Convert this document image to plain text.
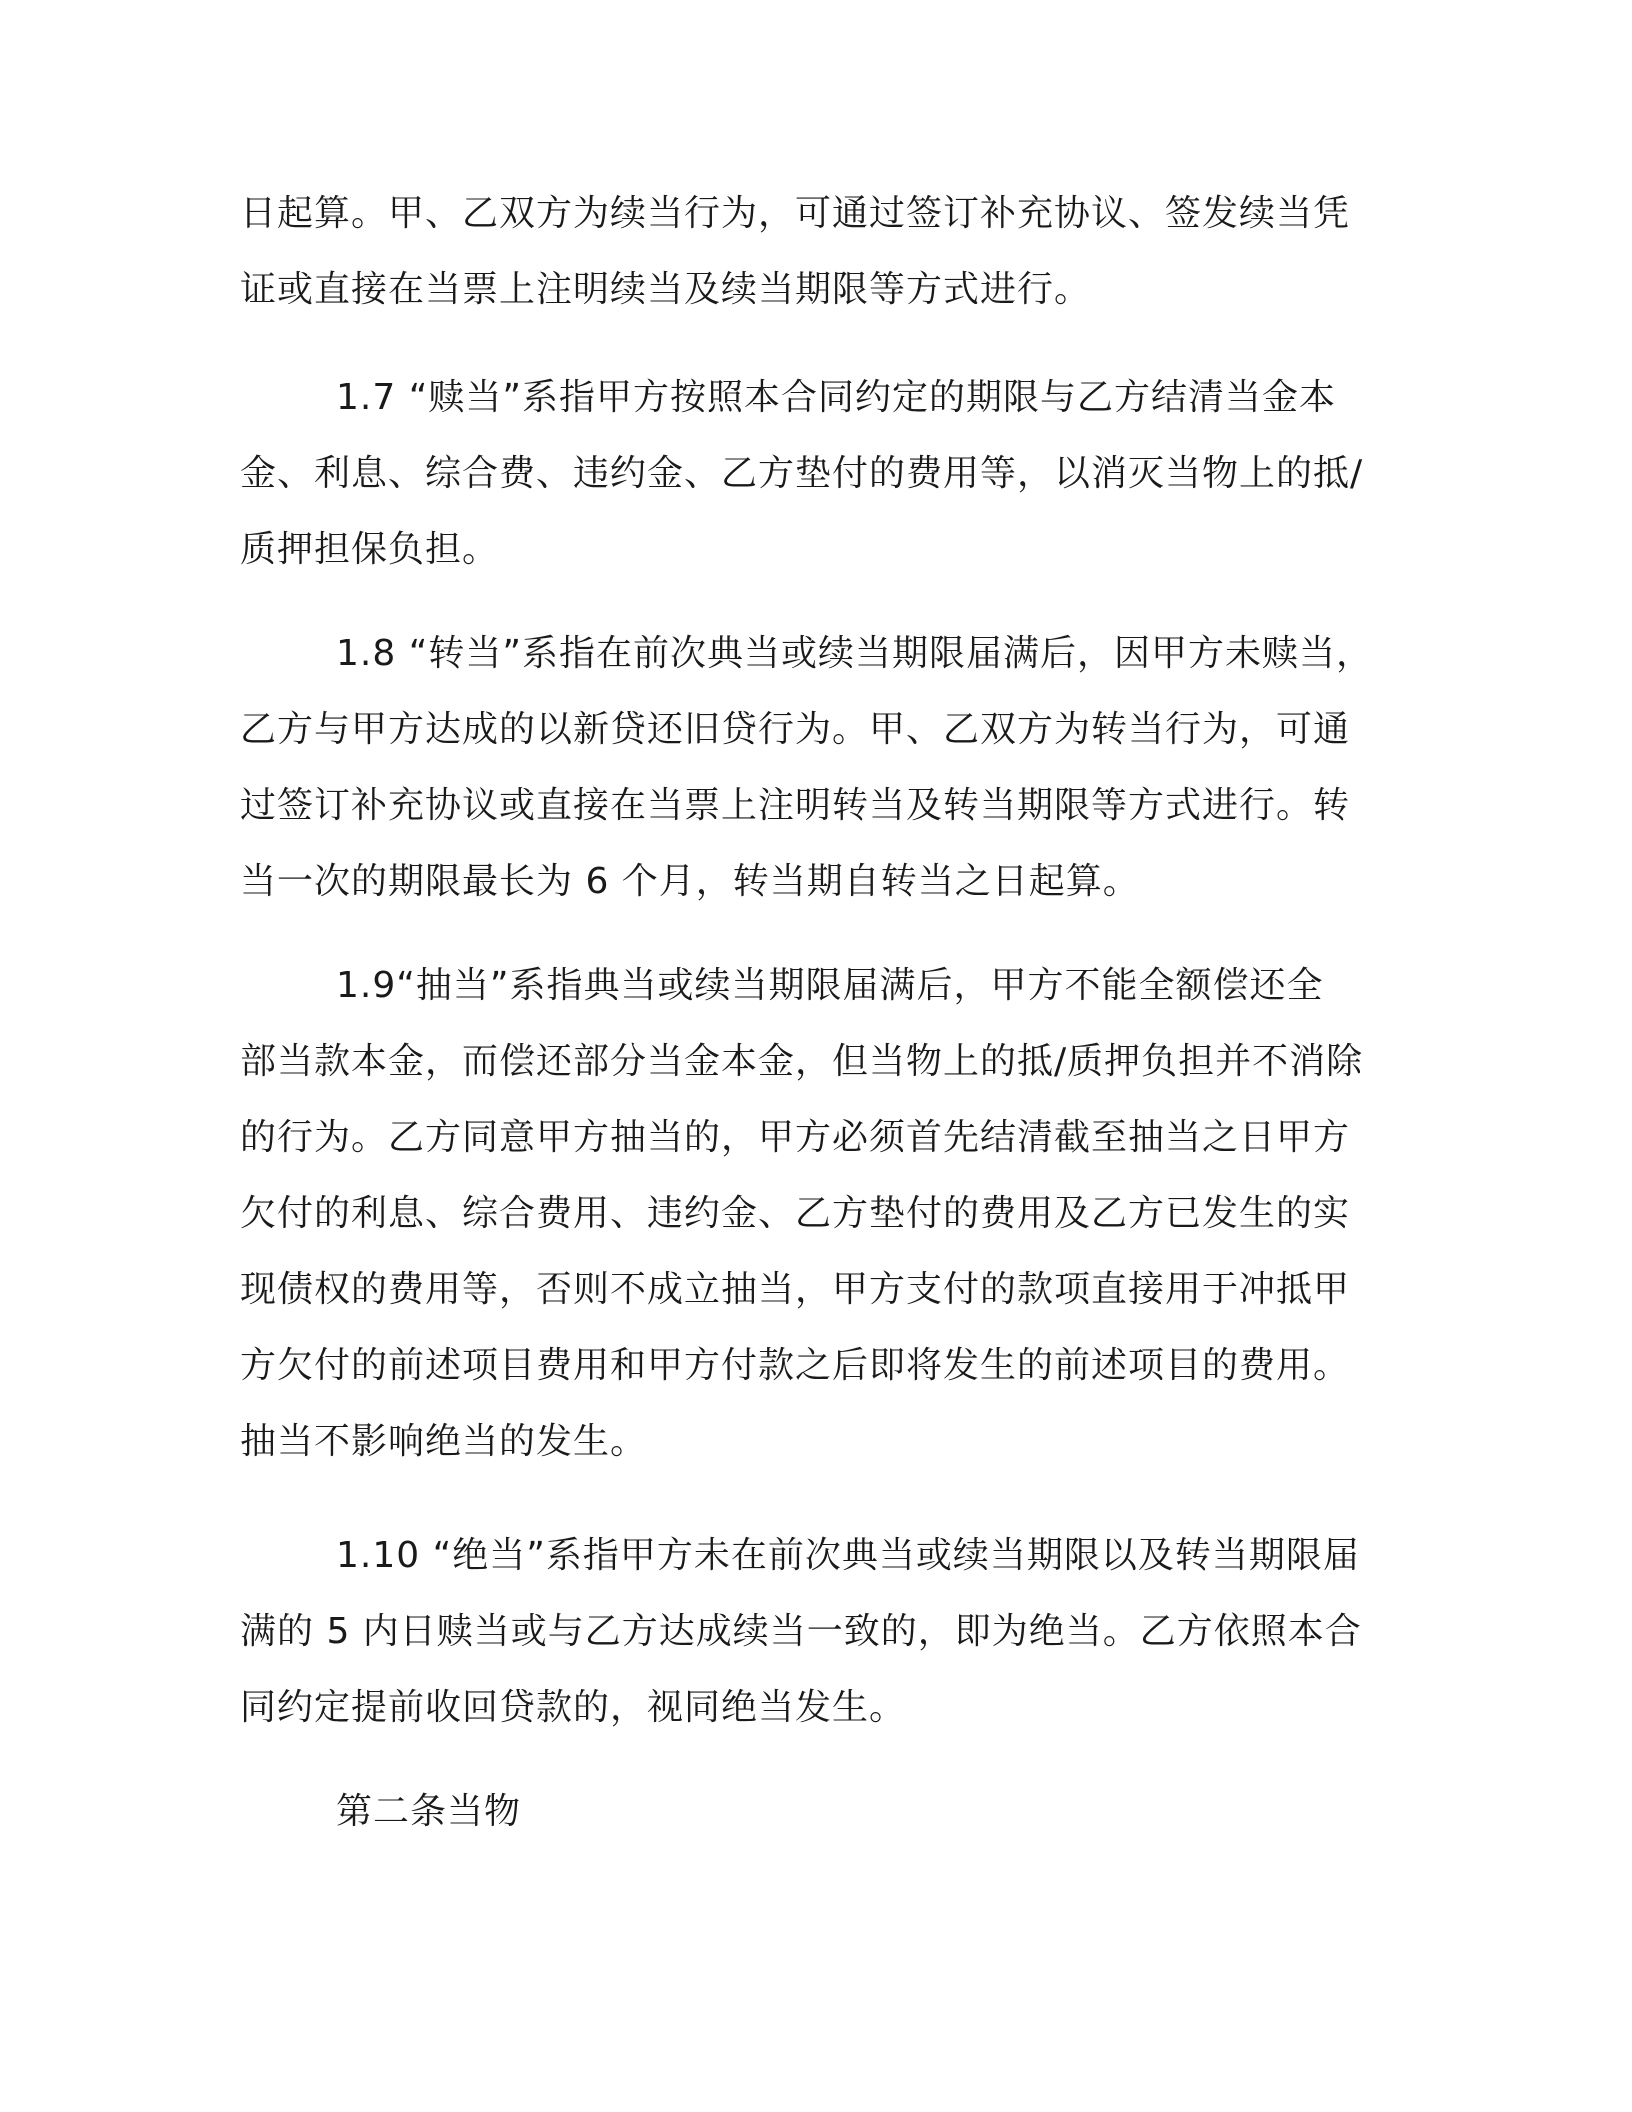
日起算。甲、乙双方为续当行为，可通过签订补充协议、签发续当凭
证或直接在当票上注明续当及续当期限等方式进行。
1.7 “赎当”系指甲方按照本合同约定的期限与乙方结清当金本
金、利息、综合费、违约金、乙方垫付的费用等，以消灭当物上的抵/
质押担保负担。
1.8 “转当”系指在前次典当或续当期限届满后，因甲方未赎当，
乙方与甲方达成的以新贷还旧贷行为。甲、乙双方为转当行为，可通
过签订补充协议或直接在当票上注明转当及转当期限等方式进行。转
当一次的期限最长为 6 个月，转当期自转当之日起算。
1.9“抽当”系指典当或续当期限届满后，甲方不能全额偿还全
部当款本金，而偿还部分当金本金，但当物上的抵/质押负担并不消除
的行为。乙方同意甲方抽当的，甲方必须首先结清截至抽当之日甲方
欠付的利息、综合费用、违约金、乙方垫付的费用及乙方已发生的实
现债权的费用等，否则不成立抽当，甲方支付的款项直接用于冲抵甲
方欠付的前述项目费用和甲方付款之后即将发生的前述项目的费用。
抽当不影响绝当的发生。
1.10 “绝当”系指甲方未在前次典当或续当期限以及转当期限届
满的 5 内日赎当或与乙方达成续当一致的，即为绝当。乙方依照本合
同约定提前收回贷款的，视同绝当发生。
第二条当物
